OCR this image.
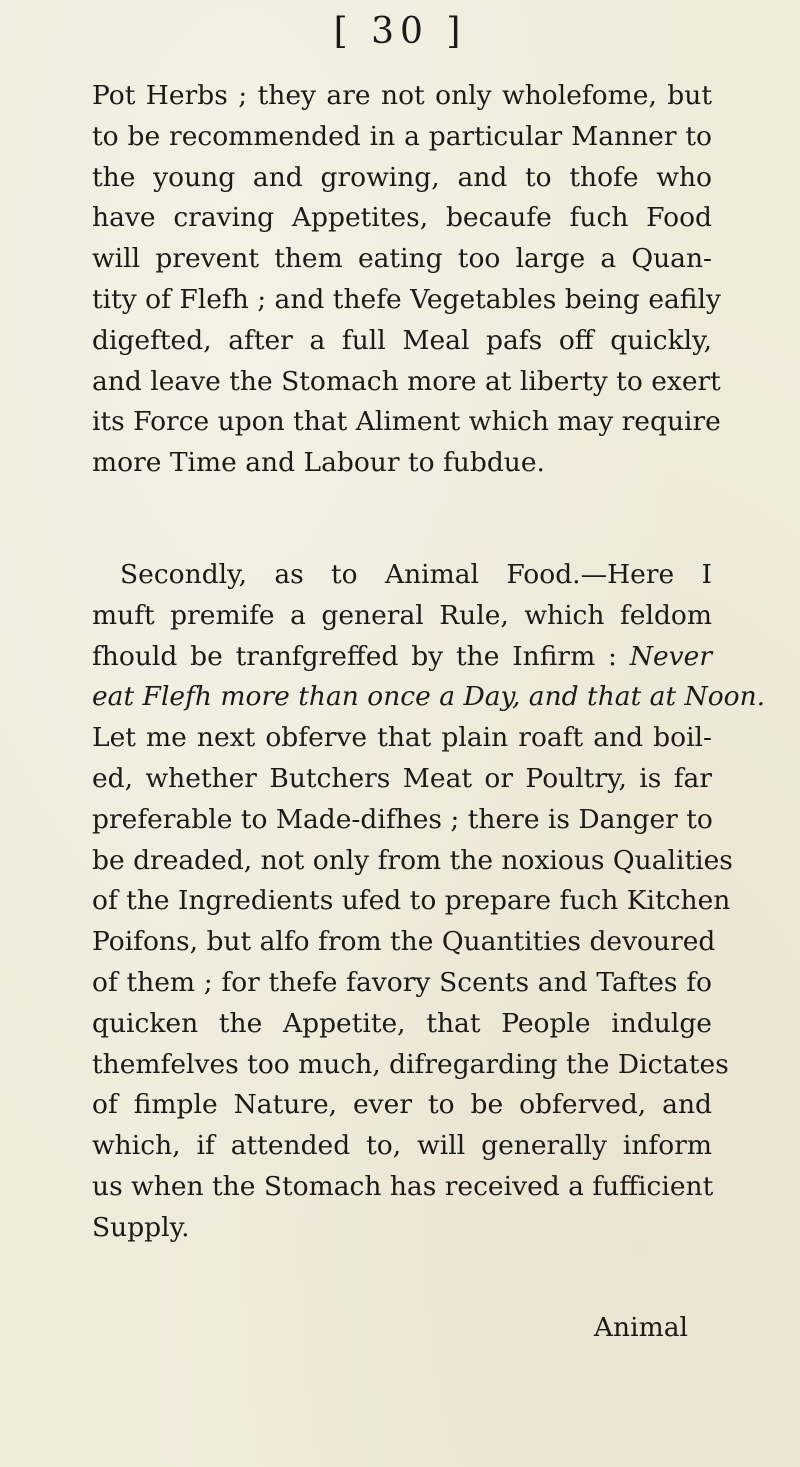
[ 30 ]
Pot Herbs ; they are not only wholefome, but
to be recommended in a particular Manner to
the young and growing, and to thofe who
have craving Appetites, becaufe fuch Food
will prevent them eating too large a Quan-
tity of Flefh ; and thefe Vegetables being eafily
digefted, after a full Meal pafs off quickly,
and leave the Stomach more at liberty to exert
its Force upon that Aliment which may require
more Time and Labour to fubdue.
Secondly, as to Animal Food.—Here I
muft premife a general Rule, which feldom
fhould be tranfgreffed by the Infirm : Never
eat Flefh more than once a Day, and that at Noon.
Let me next obferve that plain roaft and boil-
ed, whether Butchers Meat or Poultry, is far
preferable to Made-difhes ; there is Danger to
be dreaded, not only from the noxious Qualities
of the Ingredients ufed to prepare fuch Kitchen
Poifons, but alfo from the Quantities devoured
of them ; for thefe favory Scents and Taftes fo
quicken the Appetite, that People indulge
themfelves too much, difregarding the Dictates
of fimple Nature, ever to be obferved, and
which, if attended to, will generally inform
us when the Stomach has received a fufficient
Supply.
Animal
